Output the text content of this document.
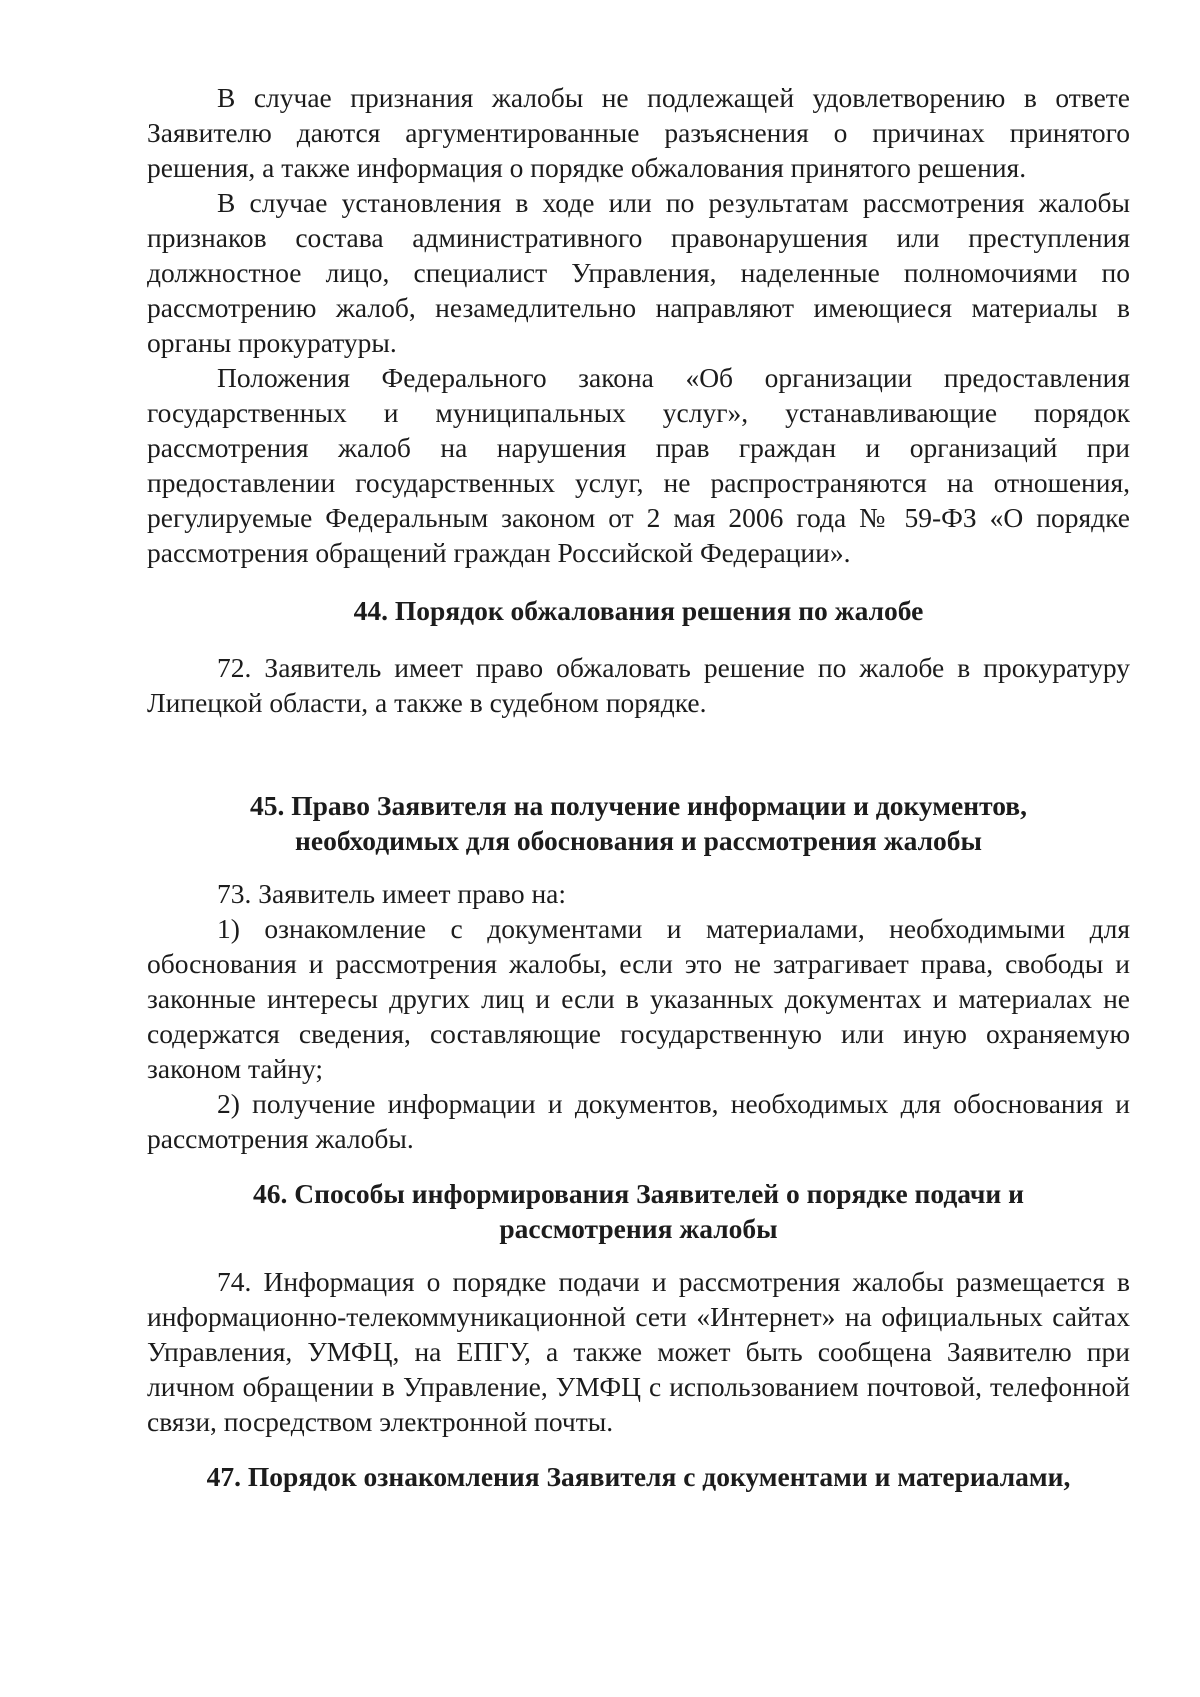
В случае признания жалобы не подлежащей удовлетворению в ответе Заявителю даются аргументированные разъяснения о причинах принятого решения, а также информация о порядке обжалования принятого решения.

В случае установления в ходе или по результатам рассмотрения жалобы признаков состава административного правонарушения или преступления должностное лицо, специалист Управления, наделенные полномочиями по рассмотрению жалоб, незамедлительно направляют имеющиеся материалы в органы прокуратуры.

Положения Федерального закона «Об организации предоставления государственных и муниципальных услуг», устанавливающие порядок рассмотрения жалоб на нарушения прав граждан и организаций при предоставлении государственных услуг, не распространяются на отношения, регулируемые Федеральным законом от 2 мая 2006 года № 59-ФЗ «О порядке рассмотрения обращений граждан Российской Федерации».

44. Порядок обжалования решения по жалобе

72. Заявитель имеет право обжаловать решение по жалобе в прокуратуру Липецкой области, а также в судебном порядке.

45. Право Заявителя на получение информации и документов,
необходимых для обоснования и рассмотрения жалобы

73. Заявитель имеет право на:

1) ознакомление с документами и материалами, необходимыми для обоснования и рассмотрения жалобы, если это не затрагивает права, свободы и законные интересы других лиц и если в указанных документах и материалах не содержатся сведения, составляющие государственную или иную охраняемую законом тайну;

2) получение информации и документов, необходимых для обоснования и рассмотрения жалобы.

46. Способы информирования Заявителей о порядке подачи и
рассмотрения жалобы

74. Информация о порядке подачи и рассмотрения жалобы размещается в информационно-телекоммуникационной сети «Интернет» на официальных сайтах Управления, УМФЦ, на ЕПГУ, а также может быть сообщена Заявителю при личном обращении в Управление, УМФЦ с использованием почтовой, телефонной связи, посредством электронной почты.

47. Порядок ознакомления Заявителя с документами и материалами,
